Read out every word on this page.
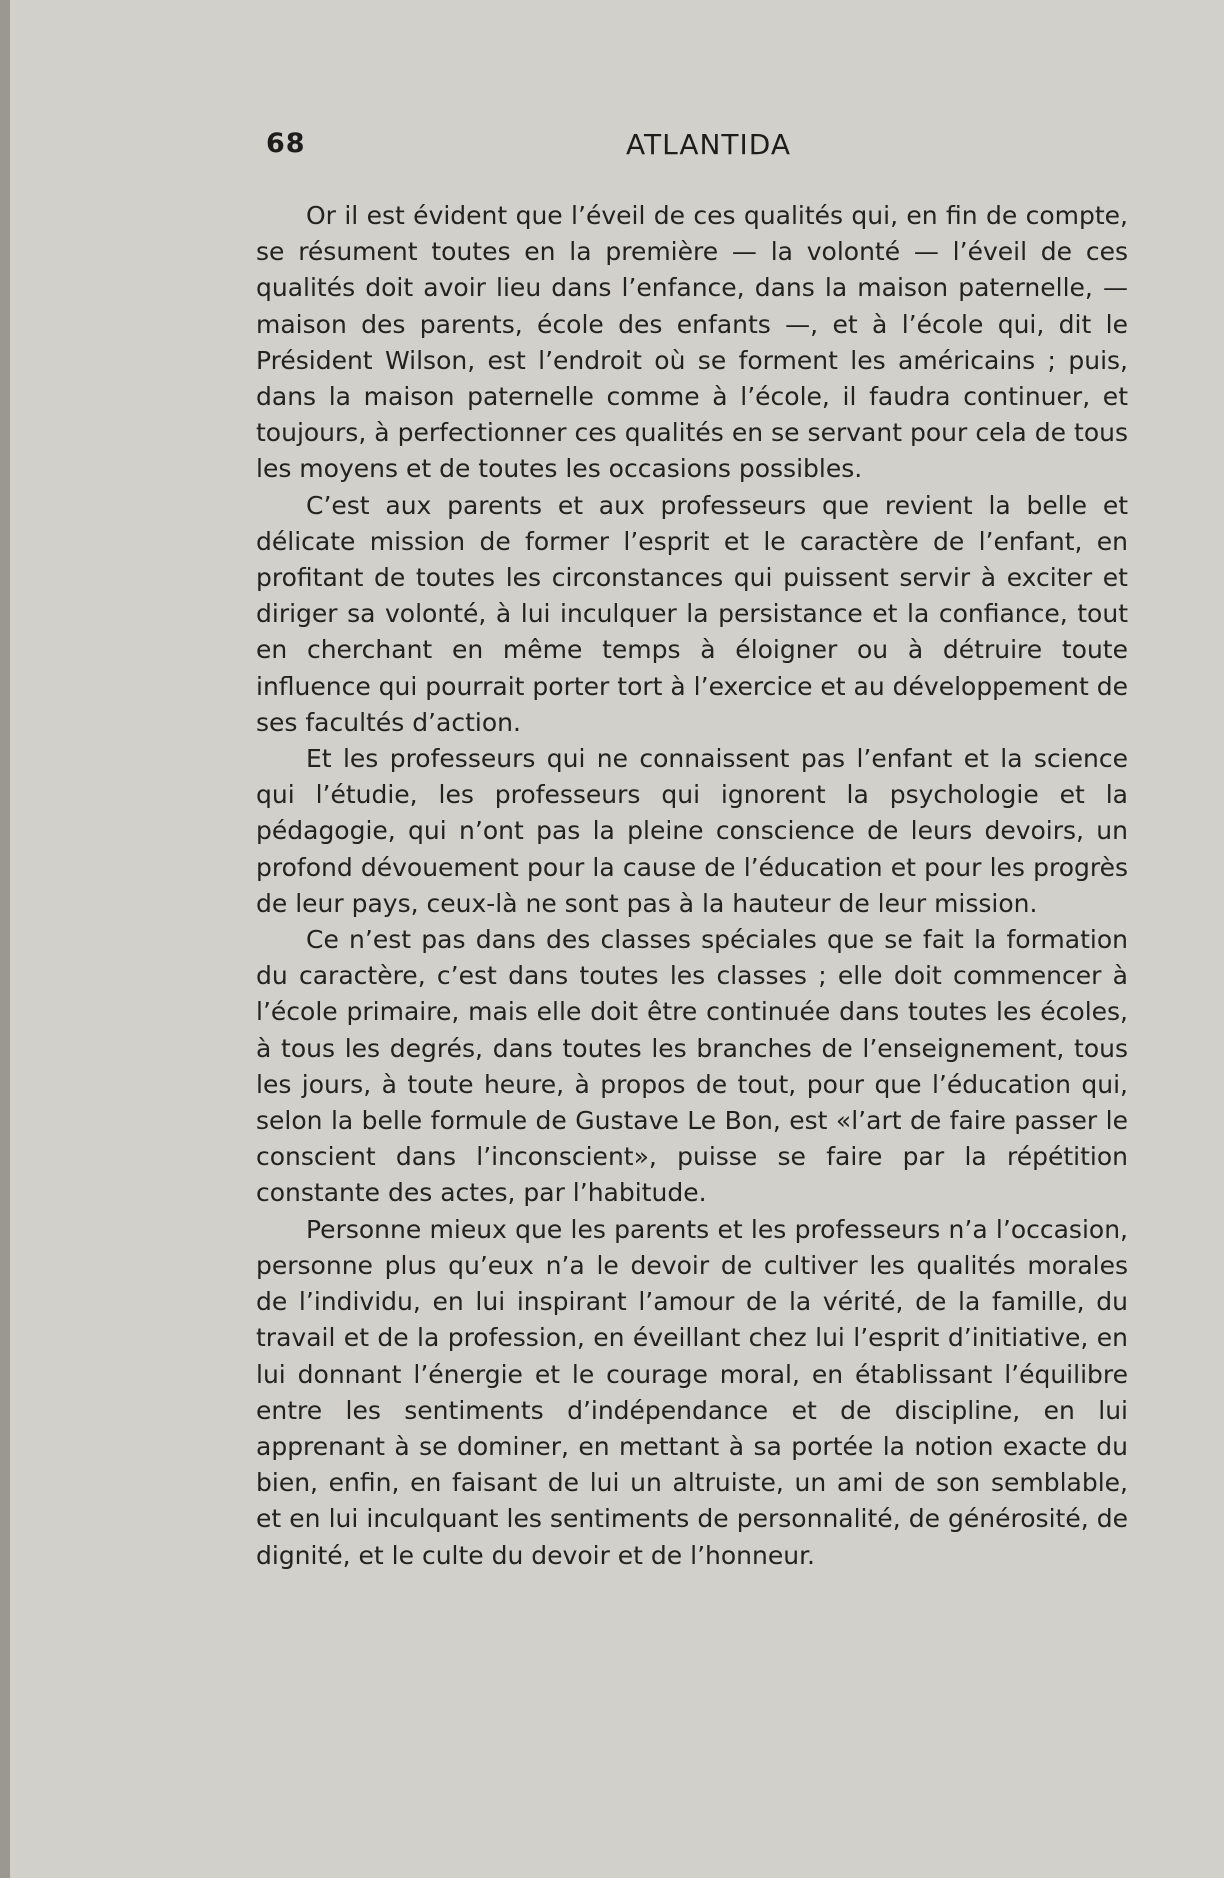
68	ATLANTIDA

Or il est évident que l’éveil de ces qualités qui, en fin de compte, se résument toutes en la première — la volonté — l’éveil de ces qualités doit avoir lieu dans l’enfance, dans la maison paternelle, — maison des parents, école des enfants —, et à l’école qui, dit le Président Wilson, est l’endroit où se forment les américains ; puis, dans la maison paternelle comme à l’école, il faudra continuer, et toujours, à perfectionner ces qualités en se servant pour cela de tous les moyens et de toutes les occasions possibles.

C’est aux parents et aux professeurs que revient la belle et délicate mission de former l’esprit et le caractère de l’enfant, en profitant de toutes les circonstances qui puissent servir à exciter et diriger sa volonté, à lui inculquer la persistance et la confiance, tout en cherchant en même temps à éloigner ou à détruire toute influence qui pourrait porter tort à l’exercice et au développement de ses facultés d’action.

Et les professeurs qui ne connaissent pas l’enfant et la science qui l’étudie, les professeurs qui ignorent la psychologie et la pédagogie, qui n’ont pas la pleine conscience de leurs devoirs, un profond dévouement pour la cause de l’éducation et pour les progrès de leur pays, ceux-là ne sont pas à la hauteur de leur mission.

Ce n’est pas dans des classes spéciales que se fait la formation du caractère, c’est dans toutes les classes ; elle doit commencer à l’école primaire, mais elle doit être continuée dans toutes les écoles, à tous les degrés, dans toutes les branches de l’enseignement, tous les jours, à toute heure, à propos de tout, pour que l’éducation qui, selon la belle formule de Gustave Le Bon, est «l’art de faire passer le conscient dans l’inconscient», puisse se faire par la répétition constante des actes, par l’habitude.

Personne mieux que les parents et les professeurs n’a l’occasion, personne plus qu’eux n’a le devoir de cultiver les qualités morales de l’individu, en lui inspirant l’amour de la vérité, de la famille, du travail et de la profession, en éveillant chez lui l’esprit d’initiative, en lui donnant l’énergie et le courage moral, en établissant l’équilibre entre les sentiments d’indépendance et de discipline, en lui apprenant à se dominer, en mettant à sa portée la notion exacte du bien, enfin, en faisant de lui un altruiste, un ami de son semblable, et en lui inculquant les sentiments de personnalité, de générosité, de dignité, et le culte du devoir et de l’honneur.
